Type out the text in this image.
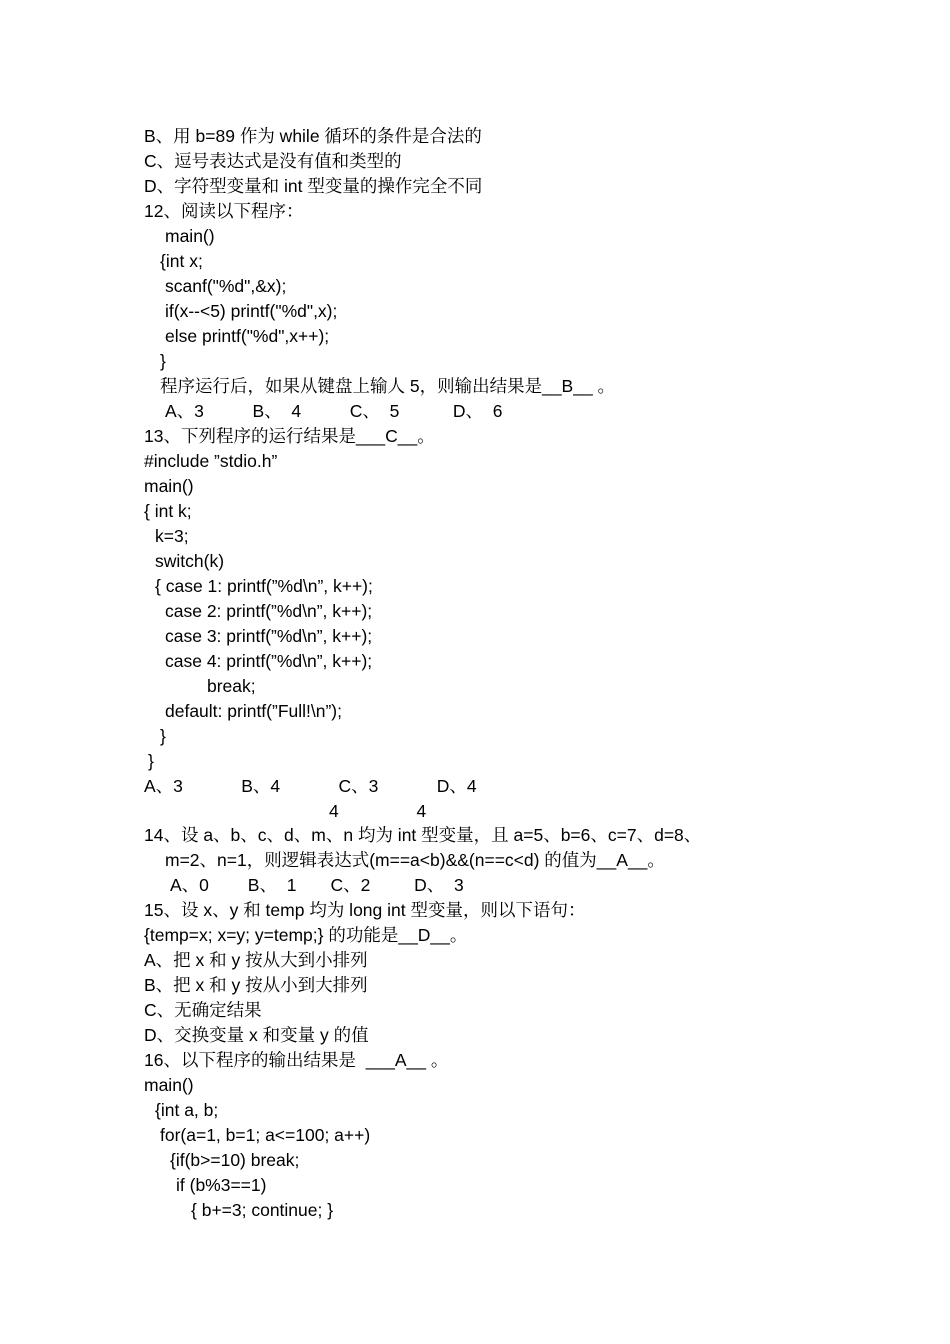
B、用 b=89 作为 while 循环的条件是合法的
C、逗号表达式是没有值和类型的
D、字符型变量和 int 型变量的操作完全不同
12、阅读以下程序：
main()
{int x;
scanf("%d",&x);
if(x--<5) printf("%d",x);
else printf("%d",x++);
}
程序运行后，如果从键盘上输人 5，则输出结果是__B__ 。
A、3          B、  4          C、  5           D、  6
13、下列程序的运行结果是___C__。
#include ”stdio.h”
main()
{ int k;
k=3;
switch(k)
{ case 1: printf(”%d\n”, k++);
case 2: printf(”%d\n”, k++);
case 3: printf(”%d\n”, k++);
case 4: printf(”%d\n”, k++);
break;
default: printf(”Full!\n”);
}
}
A、3            B、4            C、3            D、4
4                4
14、设 a、b、c、d、m、n 均为 int 型变量，且 a=5、b=6、c=7、d=8、
m=2、n=1，则逻辑表达式(m==a<b)&&(n==c<d) 的值为__A__。
A、0        B、  1       C、2         D、  3
15、设 x、y 和 temp 均为 long int 型变量，则以下语句：
{temp=x; x=y; y=temp;} 的功能是__D__。
A、把 x 和 y 按从大到小排列
B、把 x 和 y 按从小到大排列
C、无确定结果
D、交换变量 x 和变量 y 的值
16、以下程序的输出结果是  ___A__ 。
main()
{int a, b;
for(a=1, b=1; a<=100; a++)
{if(b>=10) break;
if (b%3==1)
{ b+=3; continue; }
